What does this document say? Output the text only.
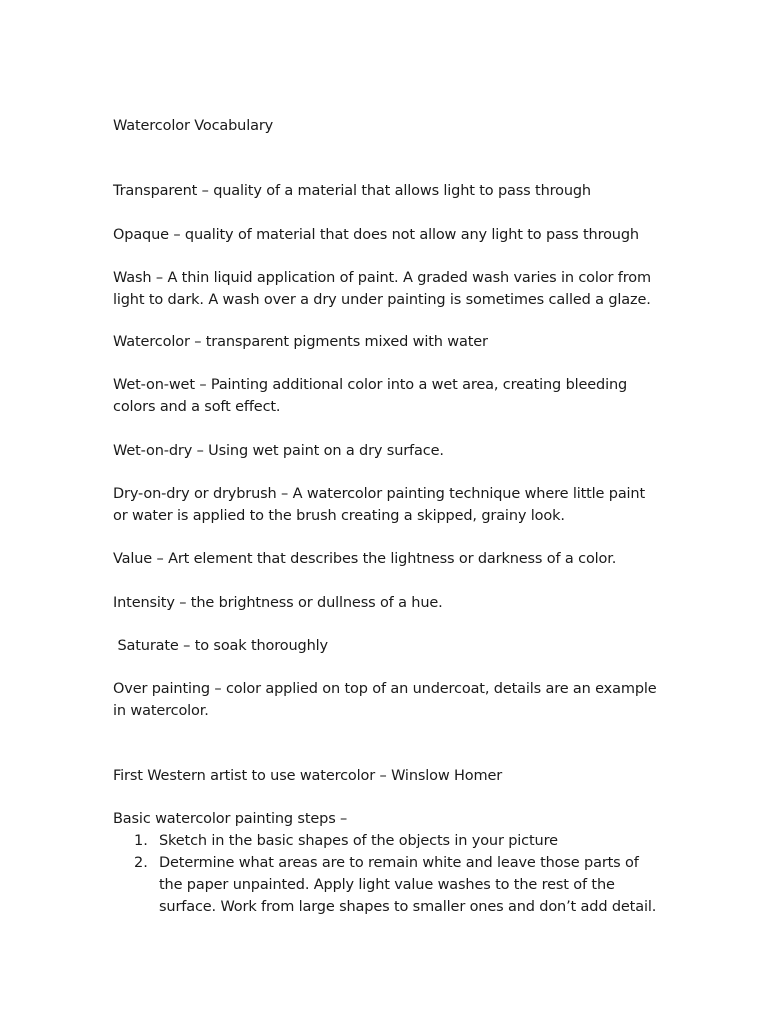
Watercolor Vocabulary
Transparent – quality of a material that allows light to pass through
Opaque – quality of material that does not allow any light to pass through
Wash – A thin liquid application of paint. A graded wash varies in color from
light to dark. A wash over a dry under painting is sometimes called a glaze.
Watercolor – transparent pigments mixed with water
Wet-on-wet – Painting additional color into a wet area, creating bleeding
colors and a soft effect.
Wet-on-dry – Using wet paint on a dry surface.
Dry-on-dry or drybrush – A watercolor painting technique where little paint
or water is applied to the brush creating a skipped, grainy look.
Value – Art element that describes the lightness or darkness of a color.
Intensity – the brightness or dullness of a hue.
Saturate – to soak thoroughly
Over painting – color applied on top of an undercoat, details are an example
in watercolor.
First Western artist to use watercolor – Winslow Homer
Basic watercolor painting steps –
1. Sketch in the basic shapes of the objects in your picture
2. Determine what areas are to remain white and leave those parts of
the paper unpainted. Apply light value washes to the rest of the
surface. Work from large shapes to smaller ones and don’t add detail.
